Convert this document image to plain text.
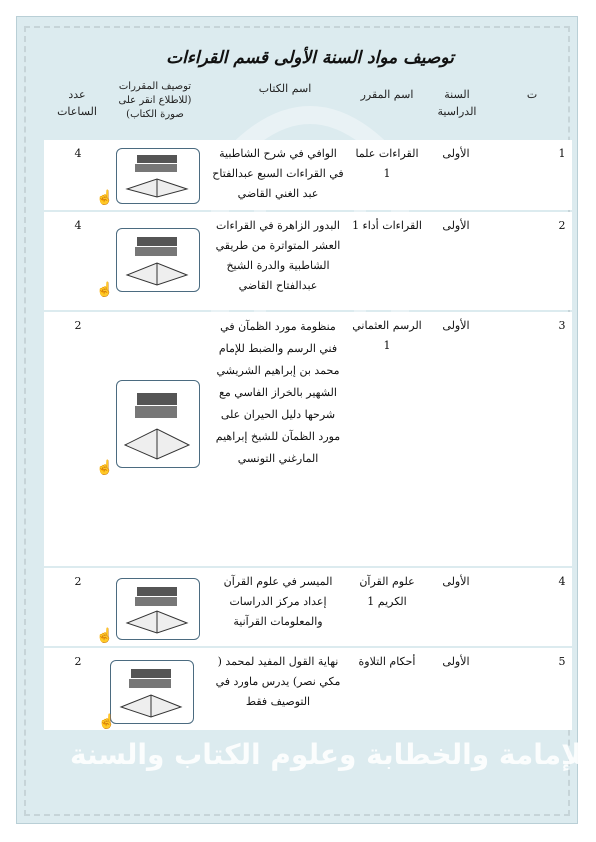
للإمامة والخطابة وعلوم الكتاب والسنة
توصيف مواد السنة الأولى قسم القراءات
ت
السنة الدراسية
اسم المقرر
اسم الكتاب
توصيف المقررات (للاطلاع انقر على صورة الكتاب)
عدد الساعات
1
الأولى
القراءات علما 1
الوافي في شرح الشاطبية في القراءات السبع عبدالفتاح عبد الغني القاضي
☝
4
2
الأولى
القراءات أداء 1
البدور الزاهرة في القراءات العشر المتواترة من طريقي الشاطبية والدرة الشيخ عبدالفتاح القاضي
☝
4
3
الأولى
الرسم العثماني 1
منظومة مورد الظمآن في فني الرسم والضبط للإمام محمد بن إبراهيم الشريشي الشهير بالخراز الفاسي مع شرحها دليل الحيران على مورد الظمآن للشيخ إبراهيم المارغني التونسي
☝
2
4
الأولى
علوم القرآن الكريم 1
الميسر في علوم القرآن إعداد مركز الدراسات والمعلومات القرآنية
☝
2
5
الأولى
أحكام التلاوة
نهاية القول المفيد لمحمد ( مكي نصر) يدرس ماورد في التوصيف فقط
☝
2
